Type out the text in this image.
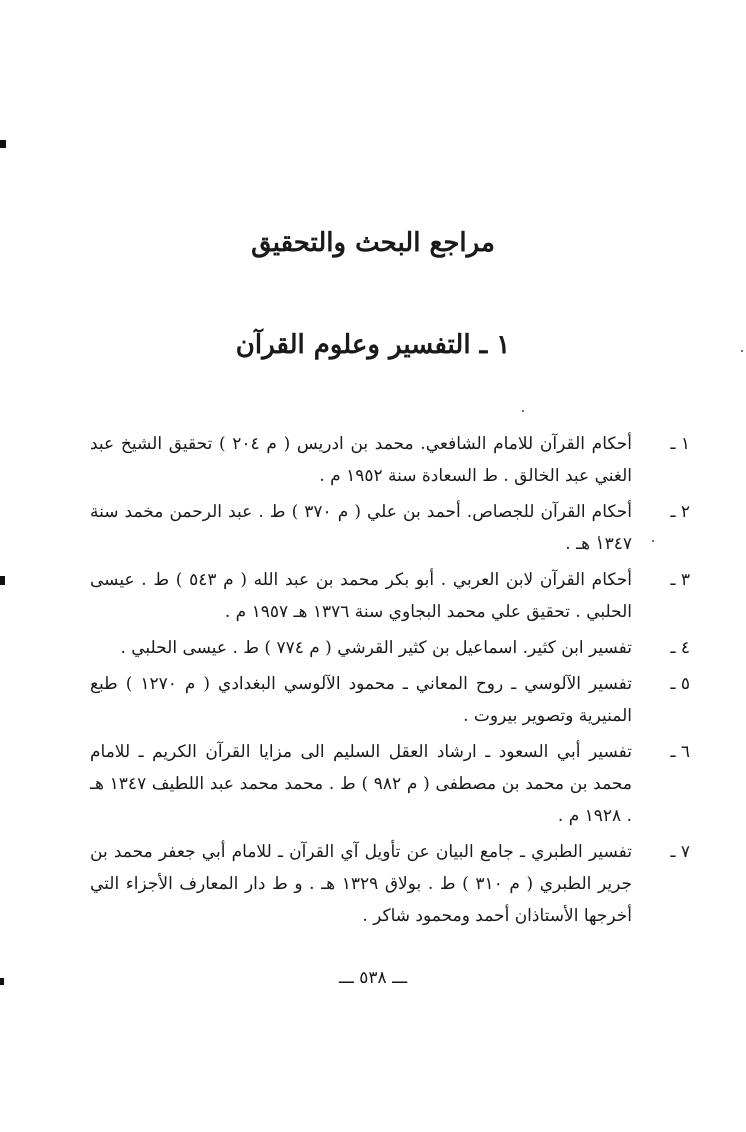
مراجع البحث والتحقيق
١ ـ التفسير وعلوم القرآن
١ ـ
أحكام القرآن للامام الشافعي. محمد بن ادريس ( م ٢٠٤ ) تحقيق الشيخ عبد الغني عبد الخالق . ط السعادة سنة ١٩٥٢ م .
٢ ـ
أحكام القرآن للجصاص. أحمد بن علي ( م ٣٧٠ ) ط . عبد الرحمن مخمد سنة ١٣٤٧ هـ .
٣ ـ
أحكام القرآن لابن العربي . أبو بكر محمد بن عبد الله ( م ٥٤٣ ) ط . عيسى الحلبي . تحقيق علي محمد البجاوي سنة ١٣٧٦ هـ ١٩٥٧ م .
٤ ـ
تفسير ابن كثير. اسماعيل بن كثير القرشي ( م ٧٧٤ ) ط . عيسى الحلبي .
٥ ـ
تفسير الآلوسي ـ روح المعاني ـ محمود الآلوسي البغدادي ( م ١٢٧٠ ) طبع المنيرية وتصوير بيروت .
٦ ـ
تفسير أبي السعود ـ ارشاد العقل السليم الى مزايا القرآن الكريم ـ للامام محمد بن محمد بن مصطفى ( م ٩٨٢ ) ط . محمد محمد عبد اللطيف ١٣٤٧ هـ . ١٩٢٨ م .
٧ ـ
تفسير الطبري ـ جامع البيان عن تأويل آي القرآن ـ للامام أبي جعفر محمد بن جرير الطبري ( م ٣١٠ ) ط . بولاق ١٣٢٩ هـ . و ط دار المعارف الأجزاء التي أخرجها الأستاذان أحمد ومحمود شاكر .
ـــ ٥٣٨ ـــ
